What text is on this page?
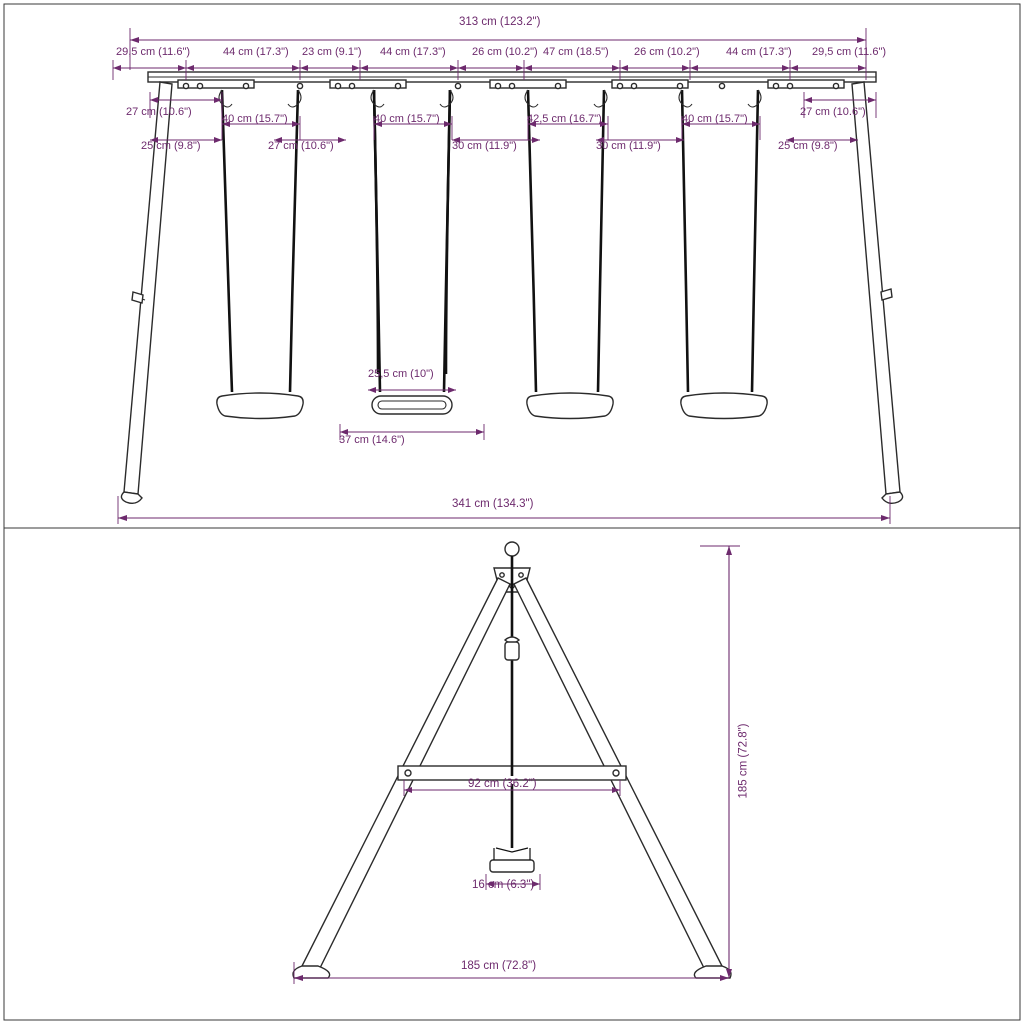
313 cm (123.2")
29,5 cm (11.6")	44 cm (17.3") 23 cm (9.1") 44 cm (17.3") 26 cm (10.2") 47 cm (18.5") 26 cm (10.2") 44 cm (17.3") 29,5 cm (11.6")
27 cm (10.6")	27 cm (10.6")
40 cm (15.7")	40 cm (15.7")	42,5 cm (16.7")	40 cm (15.7")
25 cm (9.8")	27 cm (10.6")	30 cm (11.9")	30 cm (11.9")	25 cm (9.8")
25,5 cm (10")
37 cm (14.6")
341 cm (134.3")
185 cm (72.8")
92 cm (36.2")
16 cm (6.3")
185 cm (72.8")
